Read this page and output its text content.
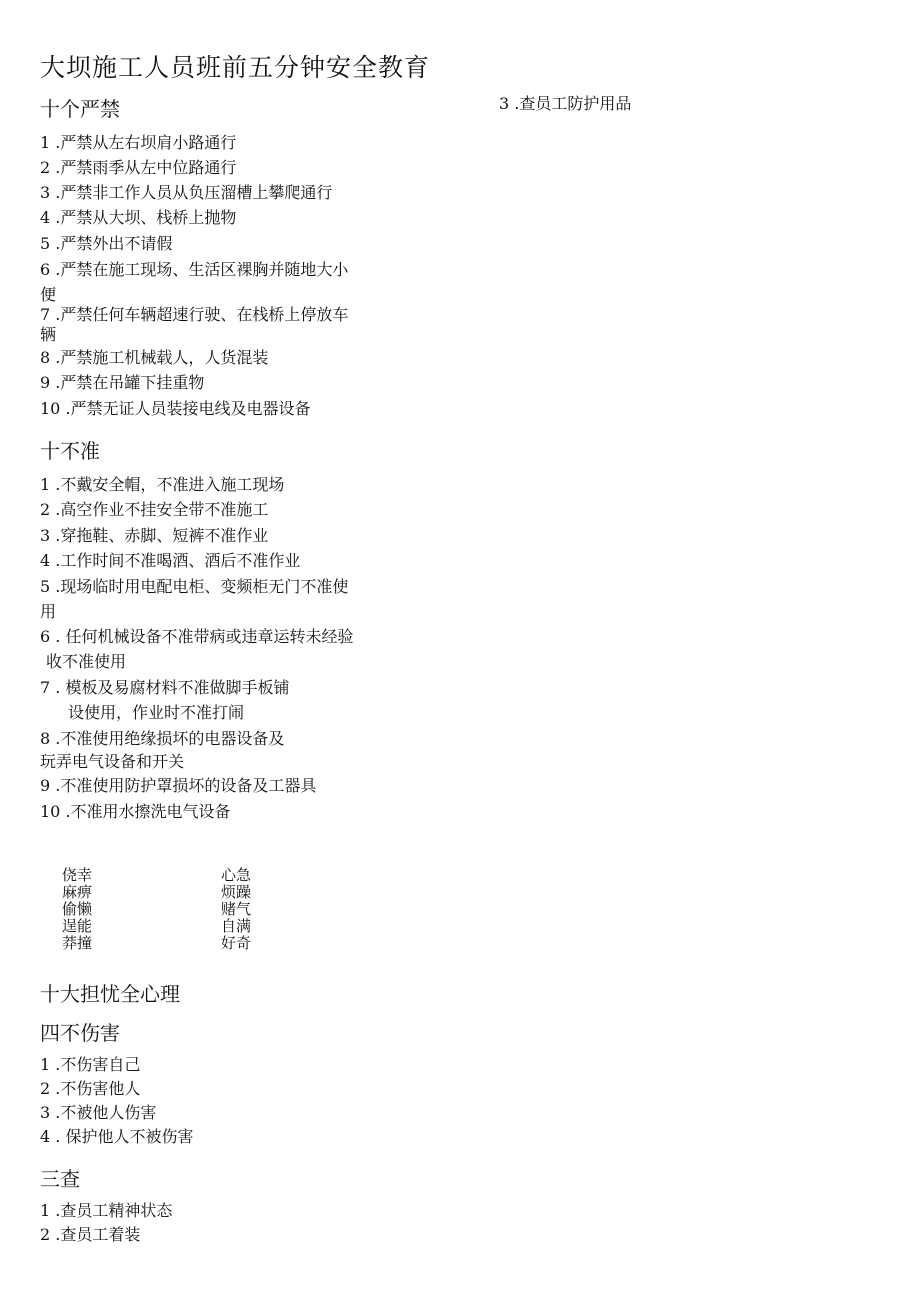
大坝施工人员班前五分钟安全教育
十个严禁
1 .严禁从左右坝肩小路通行
2 .严禁雨季从左中位路通行
3 .严禁非工作人员从负压溜槽上攀爬通行
4 .严禁从大坝、栈桥上抛物
5 .严禁外出不请假
6 .严禁在施工现场、生活区裸胸并随地大小
便
7 .严禁任何车辆超速行驶、在栈桥上停放车
辆
8 .严禁施工机械载人，人货混装
9 .严禁在吊罐下挂重物
10 .严禁无证人员装接电线及电器设备
十不准
1 .不戴安全帽，不准进入施工现场
2 .高空作业不挂安全带不准施工
3 .穿拖鞋、赤脚、短裤不准作业
4 .工作时间不准喝酒、酒后不准作业
5 .现场临时用电配电柜、变频柜无门不准使
用
6 . 任何机械设备不准带病或违章运转未经验
收不准使用
7 . 模板及易腐材料不准做脚手板铺
设使用，作业时不准打闹
8 .不准使用绝缘损坏的电器设备及
玩弄电气设备和开关
9 .不准使用防护罩损坏的设备及工器具
10 .不准用水擦洗电气设备
侥幸
麻痹
偷懒
逞能
莽撞
心急
烦躁
赌气
自满
好奇
十大担忧全心理
四不伤害
1 .不伤害自己
2 .不伤害他人
3 .不被他人伤害
4 . 保护他人不被伤害
三查
1 .查员工精神状态
2 .查员工着装
3 .查员工防护用品
